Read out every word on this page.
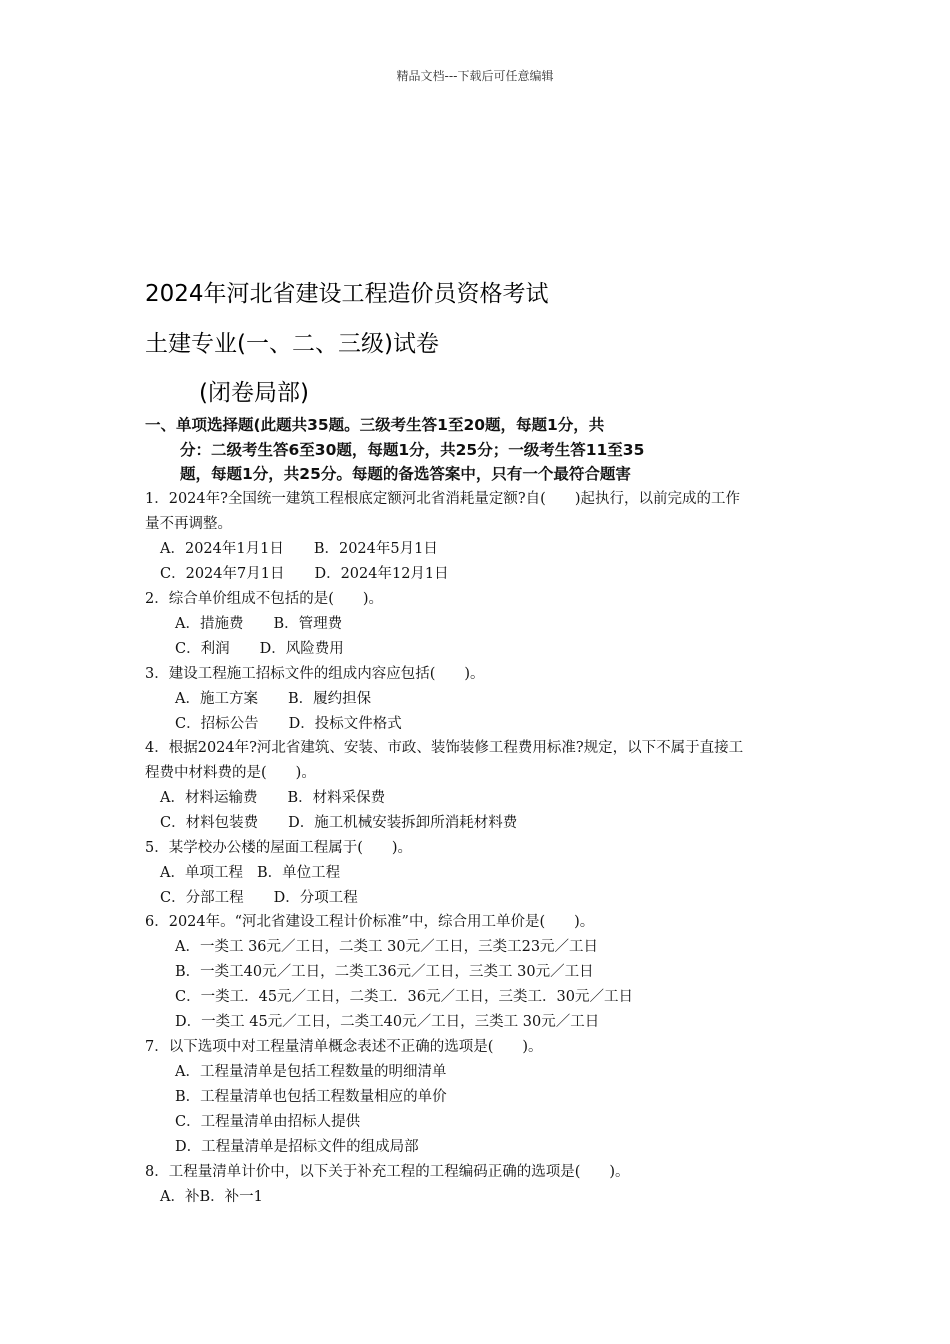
精品文档---下载后可任意编辑
2024年河北省建设工程造价员资格考试
土建专业(一、二、三级)试卷
(闭卷局部)
一、单项选择题(此题共35题。三级考生答1至20题，每题1分，共
分：二级考生答6至30题，每题1分，共25分；一级考生答11至35
题，每题1分，共25分。每题的备选答案中，只有一个最符合题害
1．2024年?全国统一建筑工程根底定额河北省消耗量定额?自(　　)起执行，以前完成的工作
量不再调整。
A．2024年1月1日 B．2024年5月1日
C．2024年7月1日 D．2024年12月1日
2．综合单价组成不包括的是(　　)。
A．措施费 B．管理费
C．利润 D．风险费用
3．建设工程施工招标文件的组成内容应包括(　　)。
A．施工方案 B．履约担保
C．招标公告 D．投标文件格式
4．根据2024年?河北省建筑、安装、市政、装饰装修工程费用标准?规定，以下不属于直接工
程费中材料费的是(　　)。
A．材料运输费 B．材料采保费
C．材料包装费 D．施工机械安装拆卸所消耗材料费
5．某学校办公楼的屋面工程属于(　　)。
A．单项工程 B．单位工程
C．分部工程 D．分项工程
6．2024年。“河北省建设工程计价标准”中，综合用工单价是(　　)。
A．一类工 36元／工日，二类工 30元／工日，三类工23元／工日
B．一类工40元／工日，二类工36元／工日，三类工 30元／工日
C．一类工．45元／工日，二类工．36元／工日，三类工．30元／工日
D．一类工 45元／工日，二类工40元／工日，三类工 30元／工日
7．以下选项中对工程量清单概念表述不正确的选项是(　　)。
A．工程量清单是包括工程数量的明细清单
B．工程量清单也包括工程数量相应的单价
C．工程量清单由招标人提供
D．工程量清单是招标文件的组成局部
8．工程量清单计价中，以下关于补充工程的工程编码正确的选项是(　　)。
A．补B．补一1
